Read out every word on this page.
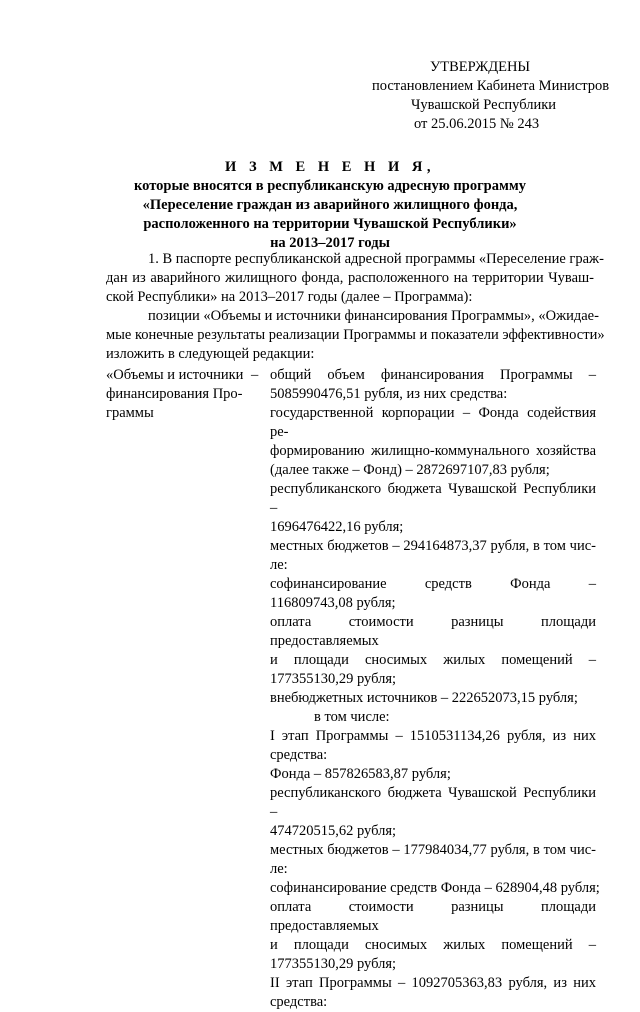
УТВЕРЖДЕНЫ
постановлением Кабинета Министров
Чувашской Республики
от 25.06.2015 № 243
И З М Е Н Е Н И Я,
которые вносятся в республиканскую адресную программу
«Переселение граждан из аварийного жилищного фонда,
расположенного на территории Чувашской Республики»
на 2013–2017 годы
1. В паспорте республиканской адресной программы «Переселение граж-
дан из аварийного жилищного фонда, расположенного на территории Чуваш-
ской Республики» на 2013–2017 годы (далее – Программа):
позиции «Объемы и источники финансирования Программы», «Ожидае-
мые конечные результаты реализации Программы и показатели эффективности»
изложить в следующей редакции:
«Объемы и источники
финансирования Про-
граммы
– общий объем финансирования Программы –
5085990476,51 рубля, из них средства:
государственной корпорации – Фонда содействия ре-
формированию жилищно-коммунального хозяйства
(далее также – Фонд) – 2872697107,83 рубля;
республиканского бюджета Чувашской Республики –
1696476422,16 рубля;
местных бюджетов – 294164873,37 рубля, в том чис-
ле:
софинансирование средств Фонда –
116809743,08 рубля;
оплата стоимости разницы площади предоставляемых
и площади сносимых жилых помещений –
177355130,29 рубля;
внебюджетных источников – 222652073,15 рубля;
в том числе:
I этап Программы – 1510531134,26 рубля, из них
средства:
Фонда – 857826583,87 рубля;
республиканского бюджета Чувашской Республики –
474720515,62 рубля;
местных бюджетов – 177984034,77 рубля, в том чис-
ле:
софинансирование средств Фонда – 628904,48 рубля;
оплата стоимости разницы площади предоставляемых
и площади сносимых жилых помещений –
177355130,29 рубля;
II этап Программы – 1092705363,83 рубля, из них
средства:
